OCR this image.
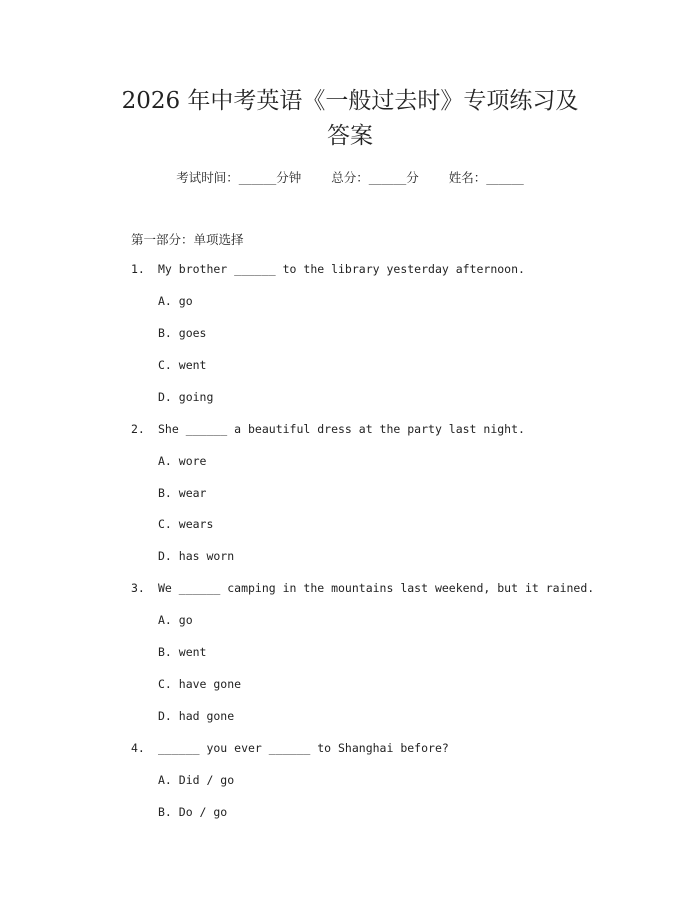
2026 年中考英语《一般过去时》专项练习及
答案
考试时间：______分钟 总分：______分 姓名：______
第一部分：单项选择
1. My brother ______ to the library yesterday afternoon.
A. go
B. goes
C. went
D. going
2. She ______ a beautiful dress at the party last night.
A. wore
B. wear
C. wears
D. has worn
3. We ______ camping in the mountains last weekend, but it rained.
A. go
B. went
C. have gone
D. had gone
4. ______ you ever ______ to Shanghai before?
A. Did / go
B. Do / go
